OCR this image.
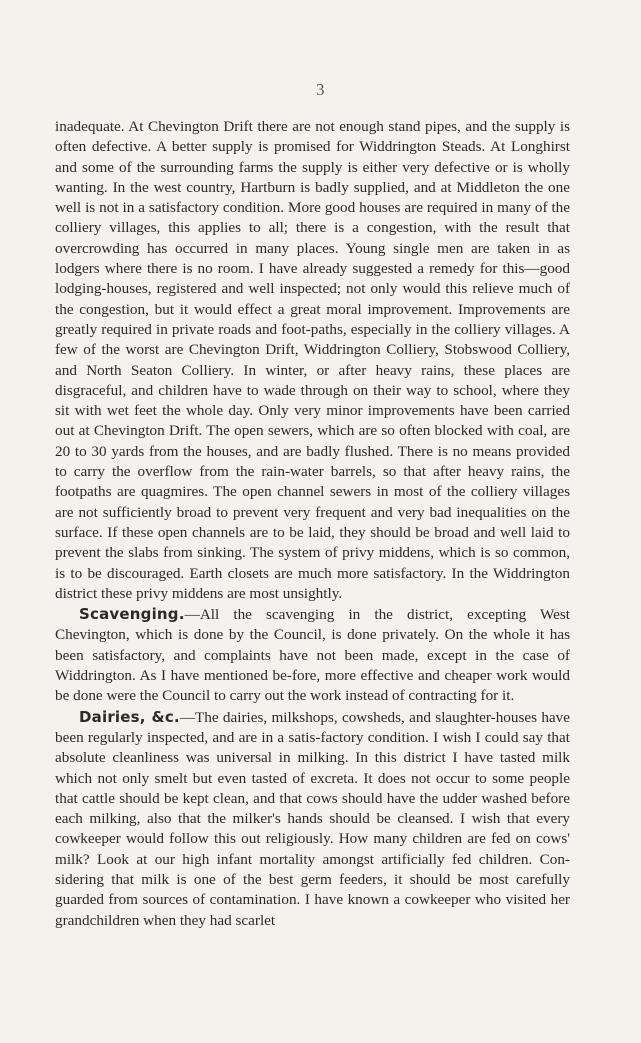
3

inadequate. At Chevington Drift there are not enough stand pipes, and the supply is often defective. A better supply is promised for Widdrington Steads. At Longhirst and some of the surrounding farms the supply is either very defective or is wholly wanting. In the west country, Hartburn is badly supplied, and at Middleton the one well is not in a satisfactory condition. More good houses are required in many of the colliery villages, this applies to all; there is a congestion, with the result that overcrowding has occurred in many places. Young single men are taken in as lodgers where there is no room. I have already suggested a remedy for this—good lodging-houses, registered and well inspected; not only would this relieve much of the congestion, but it would effect a great moral improvement. Improvements are greatly required in private roads and foot-paths, especially in the colliery villages. A few of the worst are Chevington Drift, Widdrington Colliery, Stobswood Colliery, and North Seaton Colliery. In winter, or after heavy rains, these places are disgraceful, and children have to wade through on their way to school, where they sit with wet feet the whole day. Only very minor improvements have been carried out at Chevington Drift. The open sewers, which are so often blocked with coal, are 20 to 30 yards from the houses, and are badly flushed. There is no means provided to carry the overflow from the rain-water barrels, so that after heavy rains, the footpaths are quagmires. The open channel sewers in most of the colliery villages are not sufficiently broad to prevent very frequent and very bad inequalities on the surface. If these open channels are to be laid, they should be broad and well laid to prevent the slabs from sinking. The system of privy middens, which is so common, is to be discouraged. Earth closets are much more satisfactory. In the Widdrington district these privy middens are most unsightly.

Scavenging.—All the scavenging in the district, excepting West Chevington, which is done by the Council, is done privately. On the whole it has been satisfactory, and complaints have not been made, except in the case of Widdrington. As I have mentioned be-fore, more effective and cheaper work would be done were the Council to carry out the work instead of contracting for it.

Dairies, &c.—The dairies, milkshops, cowsheds, and slaughter-houses have been regularly inspected, and are in a satis-factory condition. I wish I could say that absolute cleanliness was universal in milking. In this district I have tasted milk which not only smelt but even tasted of excreta. It does not occur to some people that cattle should be kept clean, and that cows should have the udder washed before each milking, also that the milker's hands should be cleansed. I wish that every cowkeeper would follow this out religiously. How many children are fed on cows' milk? Look at our high infant mortality amongst artificially fed children. Con-sidering that milk is one of the best germ feeders, it should be most carefully guarded from sources of contamination. I have known a cowkeeper who visited her grandchildren when they had scarlet
